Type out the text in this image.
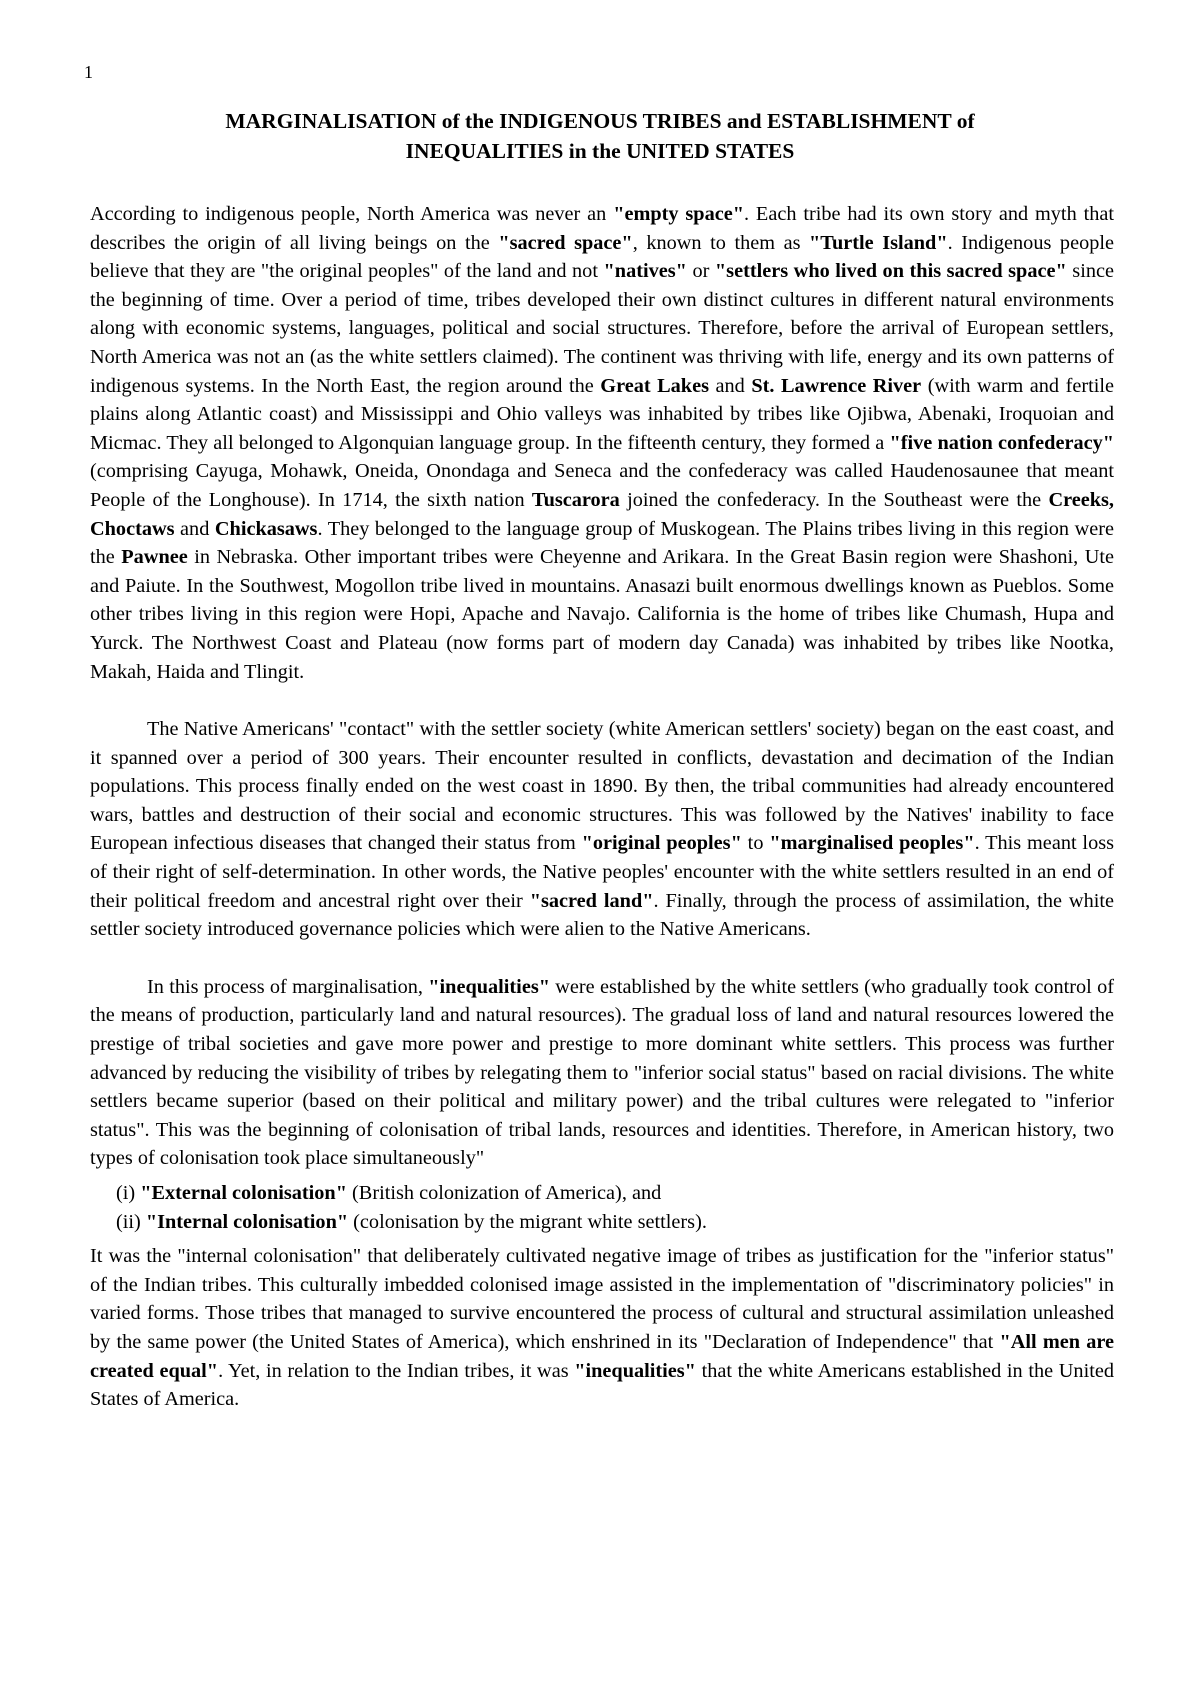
1
MARGINALISATION of the INDIGENOUS TRIBES and ESTABLISHMENT of
INEQUALITIES in the UNITED STATES

According to indigenous people, North America was never an "empty space". Each tribe had its own story and myth that describes the origin of all living beings on the "sacred space", known to them as "Turtle Island". Indigenous people believe that they are "the original peoples" of the land and not "natives" or "settlers who lived on this sacred space" since the beginning of time. Over a period of time, tribes developed their own distinct cultures in different natural environments along with economic systems, languages, political and social structures. Therefore, before the arrival of European settlers, North America was not an (as the white settlers claimed). The continent was thriving with life, energy and its own patterns of indigenous systems. In the North East, the region around the Great Lakes and St. Lawrence River (with warm and fertile plains along Atlantic coast) and Mississippi and Ohio valleys was inhabited by tribes like Ojibwa, Abenaki, Iroquoian and Micmac. They all belonged to Algonquian language group. In the fifteenth century, they formed a "five nation confederacy" (comprising Cayuga, Mohawk, Oneida, Onondaga and Seneca and the confederacy was called Haudenosaunee that meant People of the Longhouse). In 1714, the sixth nation Tuscarora joined the confederacy. In the Southeast were the Creeks, Choctaws and Chickasaws. They belonged to the language group of Muskogean. The Plains tribes living in this region were the Pawnee in Nebraska. Other important tribes were Cheyenne and Arikara. In the Great Basin region were Shashoni, Ute and Paiute. In the Southwest, Mogollon tribe lived in mountains. Anasazi built enormous dwellings known as Pueblos. Some other tribes living in this region were Hopi, Apache and Navajo. California is the home of tribes like Chumash, Hupa and Yurck. The Northwest Coast and Plateau (now forms part of modern day Canada) was inhabited by tribes like Nootka, Makah, Haida and Tlingit.

The Native Americans' "contact" with the settler society (white American settlers' society) began on the east coast, and it spanned over a period of 300 years. Their encounter resulted in conflicts, devastation and decimation of the Indian populations. This process finally ended on the west coast in 1890. By then, the tribal communities had already encountered wars, battles and destruction of their social and economic structures. This was followed by the Natives' inability to face European infectious diseases that changed their status from "original peoples" to "marginalised peoples". This meant loss of their right of self-determination. In other words, the Native peoples' encounter with the white settlers resulted in an end of their political freedom and ancestral right over their "sacred land". Finally, through the process of assimilation, the white settler society introduced governance policies which were alien to the Native Americans.

In this process of marginalisation, "inequalities" were established by the white settlers (who gradually took control of the means of production, particularly land and natural resources). The gradual loss of land and natural resources lowered the prestige of tribal societies and gave more power and prestige to more dominant white settlers. This process was further advanced by reducing the visibility of tribes by relegating them to "inferior social status" based on racial divisions. The white settlers became superior (based on their political and military power) and the tribal cultures were relegated to "inferior status". This was the beginning of colonisation of tribal lands, resources and identities. Therefore, in American history, two types of colonisation took place simultaneously"

(i) "External colonisation" (British colonization of America), and
(ii) "Internal colonisation" (colonisation by the migrant white settlers).

It was the "internal colonisation" that deliberately cultivated negative image of tribes as justification for the "inferior status" of the Indian tribes. This culturally imbedded colonised image assisted in the implementation of "discriminatory policies" in varied forms. Those tribes that managed to survive encountered the process of cultural and structural assimilation unleashed by the same power (the United States of America), which enshrined in its "Declaration of Independence" that "All men are created equal". Yet, in relation to the Indian tribes, it was "inequalities" that the white Americans established in the United States of America.
